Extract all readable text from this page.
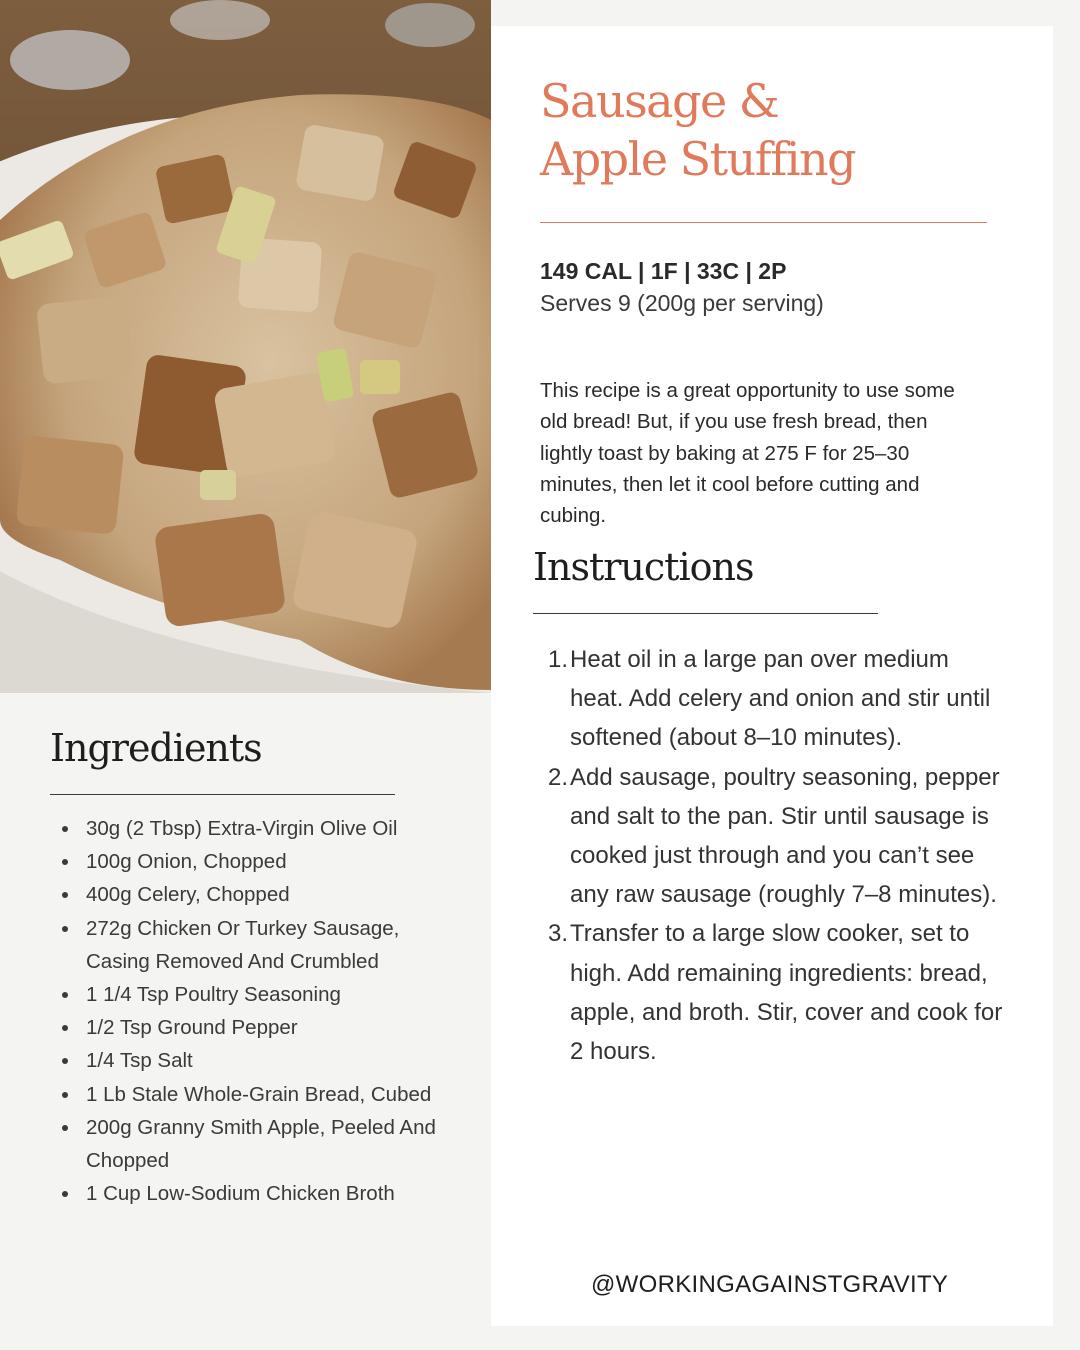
Ingredients
30g (2 Tbsp) Extra-Virgin Olive Oil
100g Onion, Chopped
400g Celery, Chopped
272g Chicken Or Turkey Sausage, Casing Removed And Crumbled
1 1/4 Tsp Poultry Seasoning
1/2 Tsp Ground Pepper
1/4 Tsp Salt
1 Lb Stale Whole-Grain Bread, Cubed
200g Granny Smith Apple, Peeled And Chopped
1 Cup Low-Sodium Chicken Broth
Sausage &
Apple Stuffing
149 CAL | 1F | 33C | 2P
Serves 9 (200g per serving)

This recipe is a great opportunity to use some old bread! But, if you use fresh bread, then lightly toast by baking at 275 F for 25–30 minutes, then let it cool before cutting and cubing.

Instructions
1. Heat oil in a large pan over medium heat. Add celery and onion and stir until softened (about 8–10 minutes).
2. Add sausage, poultry seasoning, pepper and salt to the pan. Stir until sausage is cooked just through and you can’t see any raw sausage (roughly 7–8 minutes).
3. Transfer to a large slow cooker, set to high. Add remaining ingredients: bread, apple, and broth. Stir, cover and cook for 2 hours.
@WORKINGAGAINSTGRAVITY
